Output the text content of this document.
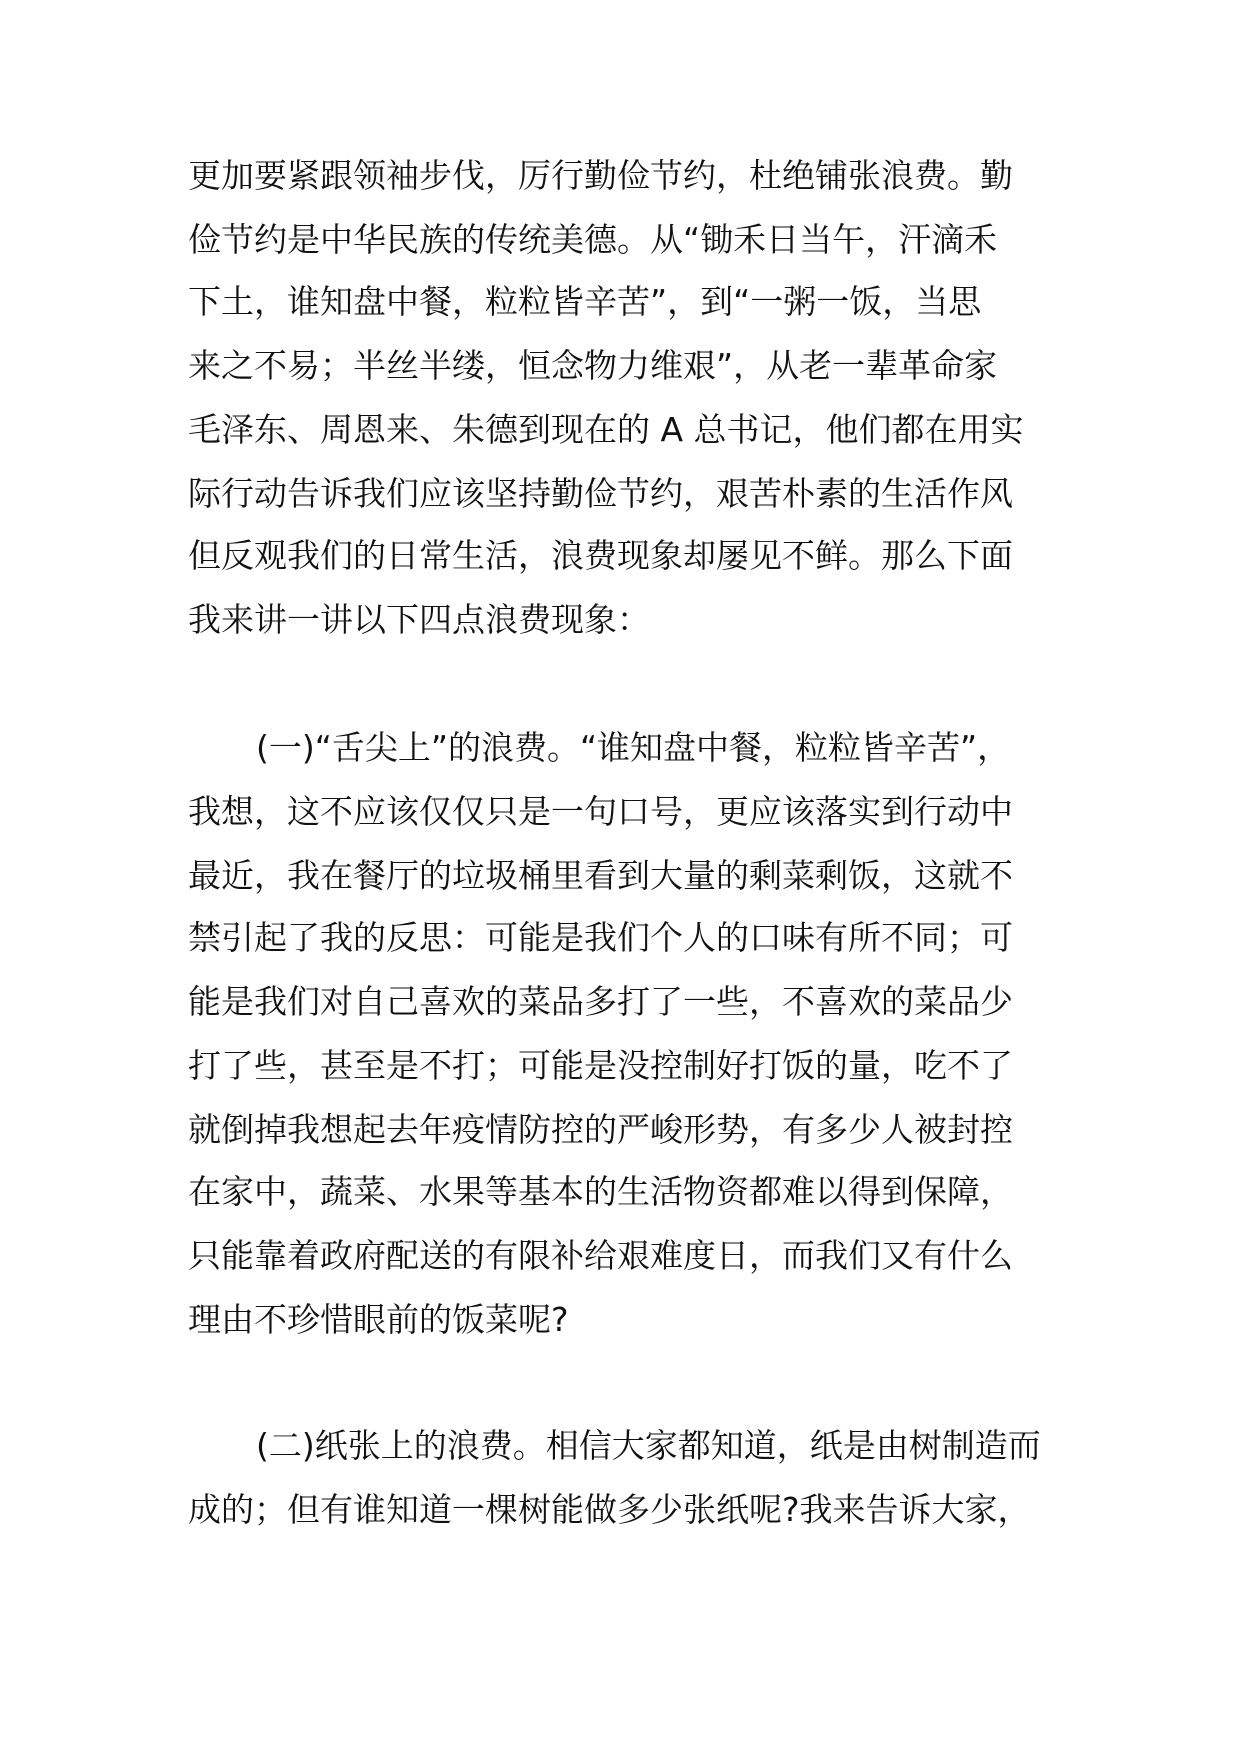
更加要紧跟领袖步伐，厉行勤俭节约，杜绝铺张浪费。勤
俭节约是中华民族的传统美德。从“锄禾日当午，汗滴禾
下土，谁知盘中餐，粒粒皆辛苦”，到“一粥一饭，当思
来之不易；半丝半缕，恒念物力维艰”，从老一辈革命家
毛泽东、周恩来、朱德到现在的 A 总书记，他们都在用实
际行动告诉我们应该坚持勤俭节约，艰苦朴素的生活作风
但反观我们的日常生活，浪费现象却屡见不鲜。那么下面
我来讲一讲以下四点浪费现象：
(一)“舌尖上”的浪费。“谁知盘中餐，粒粒皆辛苦”，
我想，这不应该仅仅只是一句口号，更应该落实到行动中
最近，我在餐厅的垃圾桶里看到大量的剩菜剩饭，这就不
禁引起了我的反思：可能是我们个人的口味有所不同；可
能是我们对自己喜欢的菜品多打了一些，不喜欢的菜品少
打了些，甚至是不打；可能是没控制好打饭的量，吃不了
就倒掉我想起去年疫情防控的严峻形势，有多少人被封控
在家中，蔬菜、水果等基本的生活物资都难以得到保障，
只能靠着政府配送的有限补给艰难度日，而我们又有什么
理由不珍惜眼前的饭菜呢?
(二)纸张上的浪费。相信大家都知道，纸是由树制造而
成的；但有谁知道一棵树能做多少张纸呢?我来告诉大家，
